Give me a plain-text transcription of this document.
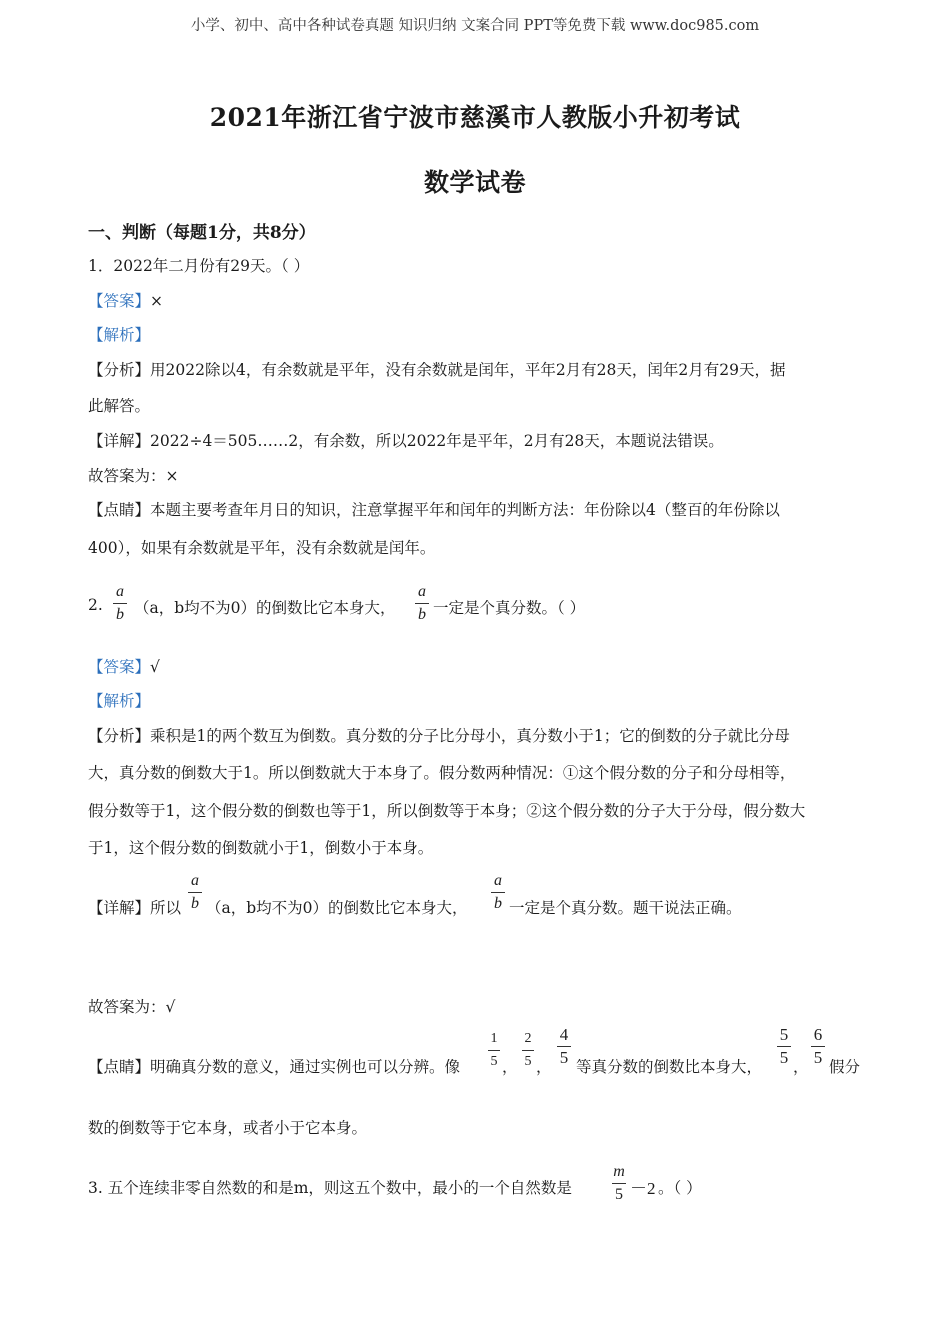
小学、初中、高中各种试卷真题 知识归纳 文案合同 PPT等免费下载 www.doc985.com
2021年浙江省宁波市慈溪市人教版小升初考试
数学试卷
一、判断（每题1分，共8分）
1．2022年二月份有29天。（ ）
【答案】×
【解析】
【分析】用2022除以4，有余数就是平年，没有余数就是闰年，平年2月有28天，闰年2月有29天，据
此解答。
【详解】2022÷4＝505……2，有余数，所以2022年是平年，2月有28天，本题说法错误。
故答案为：×
【点睛】本题主要考查年月日的知识，注意掌握平年和闰年的判断方法：年份除以4（整百的年份除以
400），如果有余数就是平年，没有余数就是闰年。
2.
a
b （a，b均不为0）的倒数比它本身大，
a
b 一定是个真分数。（ ）
【答案】√
【解析】
【分析】乘积是1的两个数互为倒数。真分数的分子比分母小，真分数小于1；它的倒数的分子就比分母
大，真分数的倒数大于1。所以倒数就大于本身了。假分数两种情况：①这个假分数的分子和分母相等，
假分数等于1，这个假分数的倒数也等于1，所以倒数等于本身；②这个假分数的分子大于分母，假分数大
于1，这个假分数的倒数就小于1，倒数小于本身。
【详解】所以
a
b （a，b均不为0）的倒数比它本身大，
a
b 一定是个真分数。题干说法正确。
故答案为：√
【点睛】明确真分数的意义，通过实例也可以分辨。像
1
5 ，
2
5 ，
4
5 等真分数的倒数比本身大，
5
5 ，
6
5 假分
数的倒数等于它本身，或者小于它本身。
3. 五个连续非零自然数的和是m，则这五个数中，最小的一个自然数是
m
5 －2 。（ ）
